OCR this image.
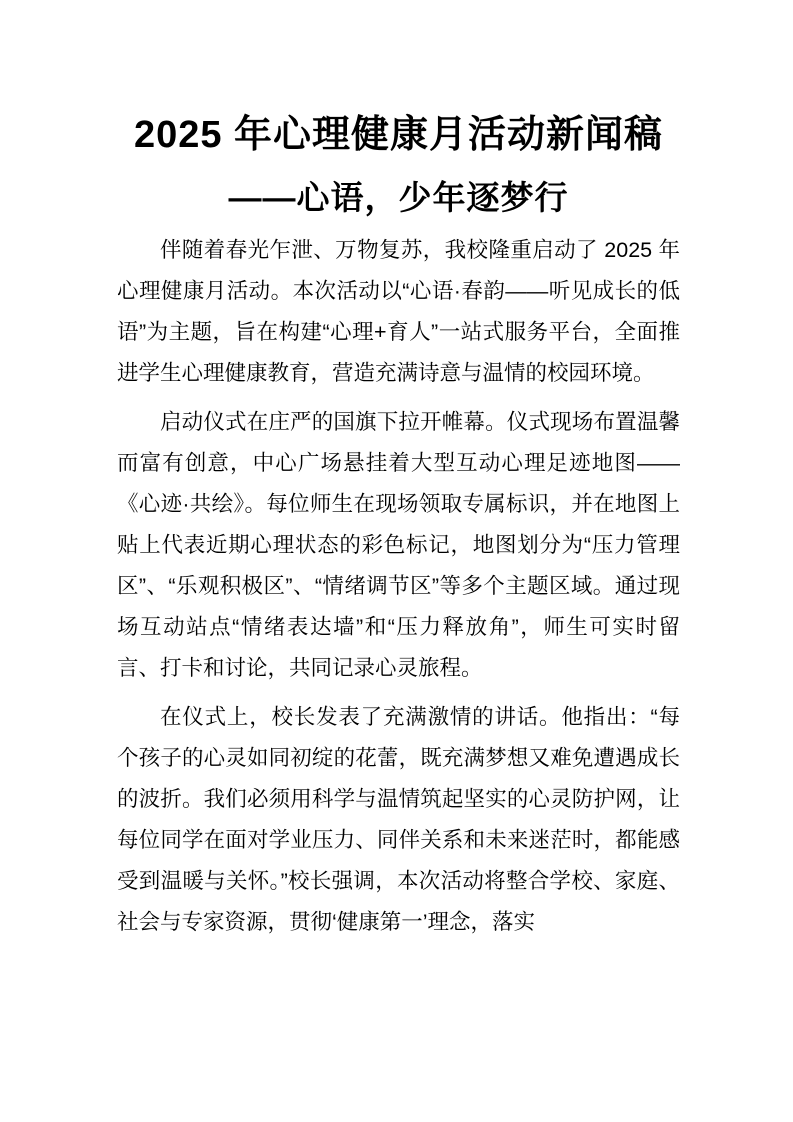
2025 年心理健康月活动新闻稿
——心语，少年逐梦行

伴随着春光乍泄、万物复苏，我校隆重启动了 2025 年心理健康月活动。本次活动以“心语·春韵——听见成长的低语”为主题，旨在构建“心理+育人”一站式服务平台，全面推进学生心理健康教育，营造充满诗意与温情的校园环境。

启动仪式在庄严的国旗下拉开帷幕。仪式现场布置温馨而富有创意，中心广场悬挂着大型互动心理足迹地图——《心迹·共绘》。每位师生在现场领取专属标识，并在地图上贴上代表近期心理状态的彩色标记，地图划分为“压力管理区”、“乐观积极区”、“情绪调节区”等多个主题区域。通过现场互动站点“情绪表达墙”和“压力释放角”，师生可实时留言、打卡和讨论，共同记录心灵旅程。

在仪式上，校长发表了充满激情的讲话。他指出：“每个孩子的心灵如同初绽的花蕾，既充满梦想又难免遭遇成长的波折。我们必须用科学与温情筑起坚实的心灵防护网，让每位同学在面对学业压力、同伴关系和未来迷茫时，都能感受到温暖与关怀。”校长强调，本次活动将整合学校、家庭、社会与专家资源，贯彻‘健康第一’理念，落实
